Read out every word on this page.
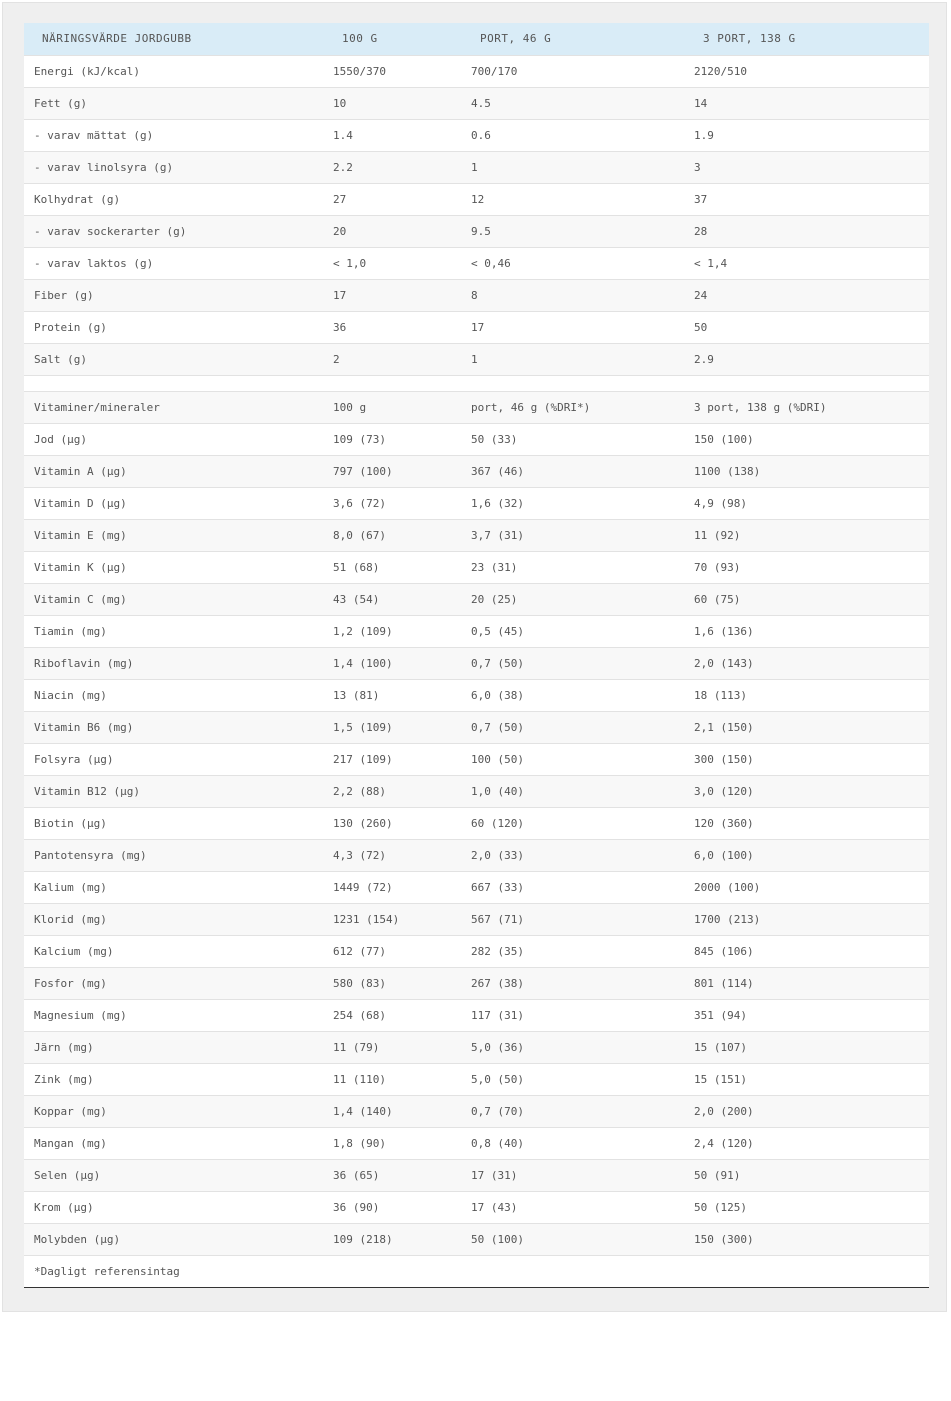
NÄRINGSVÄRDE JORDGUBB	100 G	PORT, 46 G	3 PORT, 138 G
Energi (kJ/kcal)	1550/370	700/170	2120/510
Fett (g)	10	4.5	14
- varav mättat (g)	1.4	0.6	1.9
- varav linolsyra (g)	2.2	1	3
Kolhydrat (g)	27	12	37
- varav sockerarter (g)	20	9.5	28
- varav laktos (g)	< 1,0	< 0,46	< 1,4
Fiber (g)	17	8	24
Protein (g)	36	17	50
Salt (g)	2	1	2.9

Vitaminer/mineraler	100 g	port, 46 g (%DRI*)	3 port, 138 g (%DRI)
Jod (µg)	109 (73)	50 (33)	150 (100)
Vitamin A (µg)	797 (100)	367 (46)	1100 (138)
Vitamin D (µg)	3,6 (72)	1,6 (32)	4,9 (98)
Vitamin E (mg)	8,0 (67)	3,7 (31)	11 (92)
Vitamin K (µg)	51 (68)	23 (31)	70 (93)
Vitamin C (mg)	43 (54)	20 (25)	60 (75)
Tiamin (mg)	1,2 (109)	0,5 (45)	1,6 (136)
Riboflavin (mg)	1,4 (100)	0,7 (50)	2,0 (143)
Niacin (mg)	13 (81)	6,0 (38)	18 (113)
Vitamin B6 (mg)	1,5 (109)	0,7 (50)	2,1 (150)
Folsyra (µg)	217 (109)	100 (50)	300 (150)
Vitamin B12 (µg)	2,2 (88)	1,0 (40)	3,0 (120)
Biotin (µg)	130 (260)	60 (120)	120 (360)
Pantotensyra (mg)	4,3 (72)	2,0 (33)	6,0 (100)
Kalium (mg)	1449 (72)	667 (33)	2000 (100)
Klorid (mg)	1231 (154)	567 (71)	1700 (213)
Kalcium (mg)	612 (77)	282 (35)	845 (106)
Fosfor (mg)	580 (83)	267 (38)	801 (114)
Magnesium (mg)	254 (68)	117 (31)	351 (94)
Järn (mg)	11 (79)	5,0 (36)	15 (107)
Zink (mg)	11 (110)	5,0 (50)	15 (151)
Koppar (mg)	1,4 (140)	0,7 (70)	2,0 (200)
Mangan (mg)	1,8 (90)	0,8 (40)	2,4 (120)
Selen (µg)	36 (65)	17 (31)	50 (91)
Krom (µg)	36 (90)	17 (43)	50 (125)
Molybden (µg)	109 (218)	50 (100)	150 (300)
*Dagligt referensintag			
